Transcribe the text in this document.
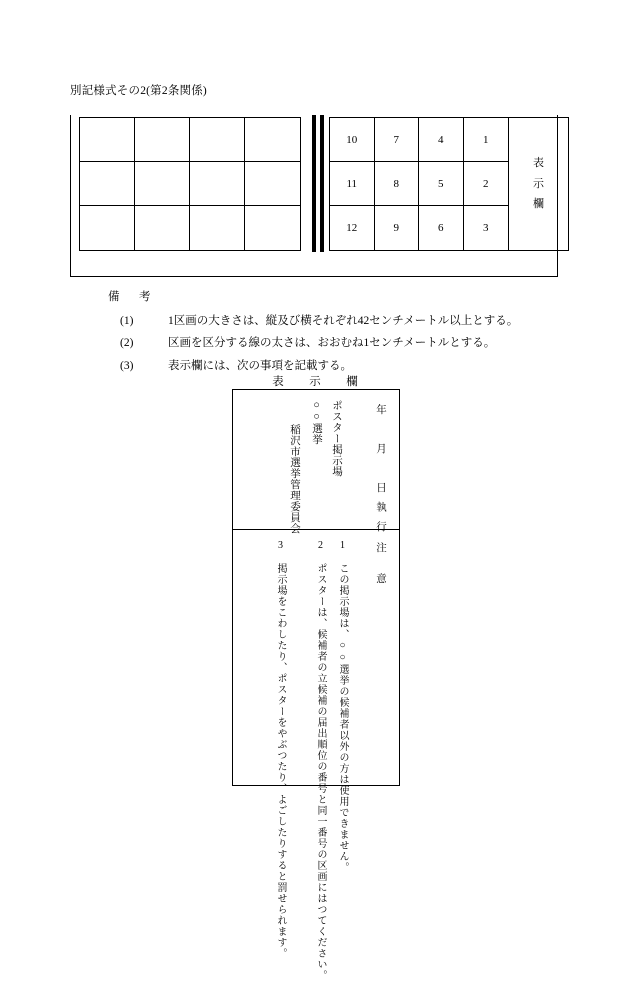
別記様式その2(第2条関係)
10	7	4	1
11	8	5	2
12	9	6	3
表
示
欄
備　考
(1)	1区画の大きさは、縦及び横それぞれ42センチメートル以上とする。
(2)	区画を区分する線の太さは、おおむね1センチメートルとする。
(3)	表示欄には、次の事項を記載する。
表　示　欄
年　月　日執行
○○選挙 ポスター掲示場
稲沢市選挙管理委員会
注　意
1　この掲示場は、○○選挙の候補者以外の方は使用できません。
2　ポスターは、候補者の立候補の届出順位の番号と同一番号の区画にはつてください。
3　掲示場をこわしたり、ポスターをやぶつたり、よごしたりすると罰せられます。
